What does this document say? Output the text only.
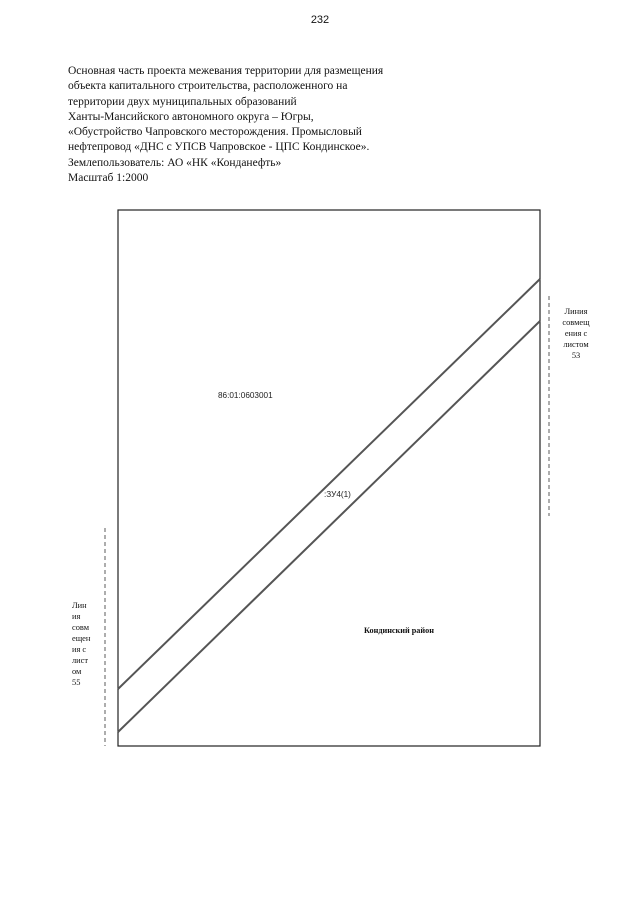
232
Основная часть проекта межевания территории для размещения
объекта капитального строительства, расположенного на
территории двух муниципальных образований
Ханты-Мансийского автономного округа – Югры,
«Обустройство Чапровского месторождения. Промысловый
нефтепровод «ДНС с УПСВ Чапровское - ЦПС Кондинское».
Землепользователь: АО «НК «Конданефть»
Масштаб 1:2000
86:01:0603001
:ЗУ4(1)
Кондинский район
Линия
совмещ
ения с
листом
53
Лин
ия
совм
ещен
ия с
лист
ом
55
